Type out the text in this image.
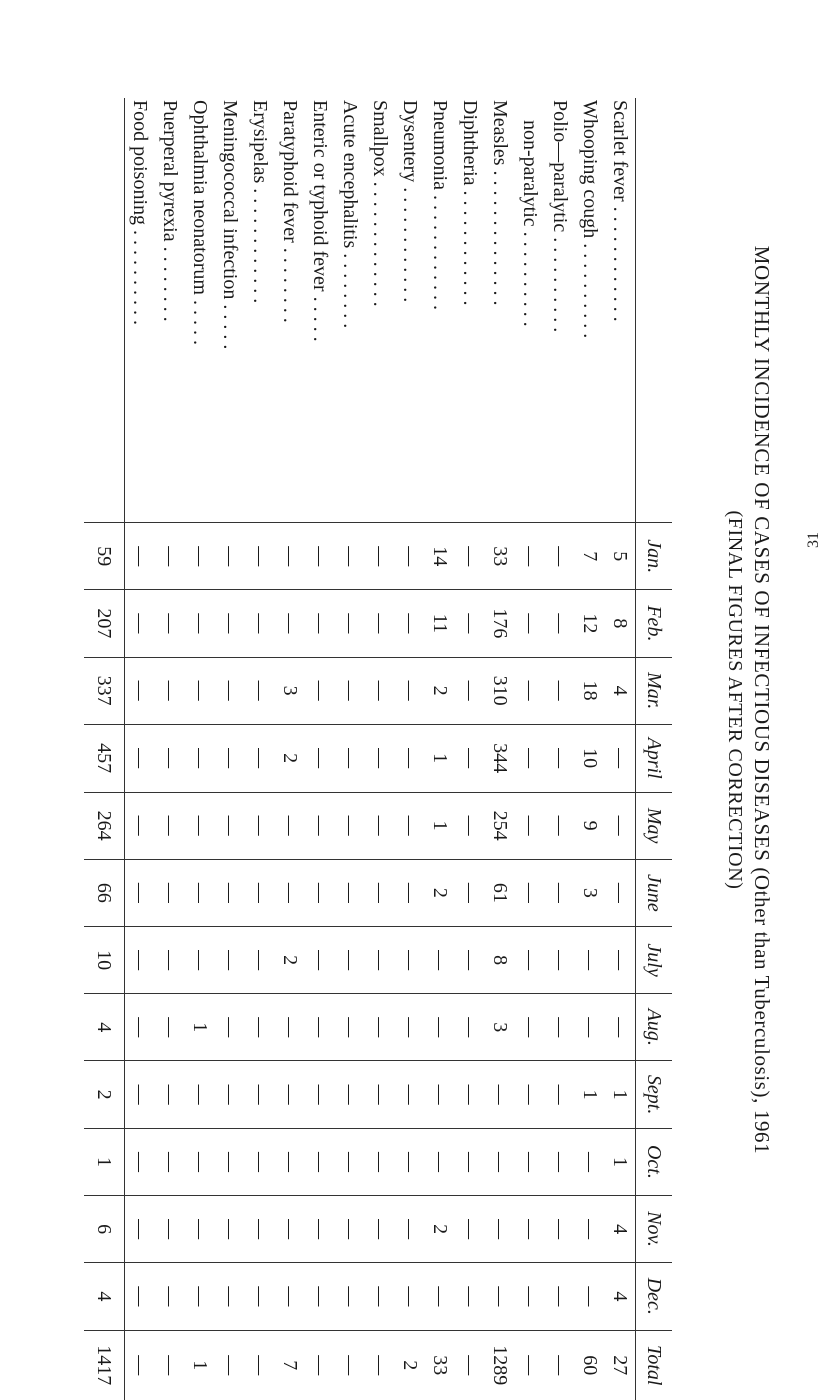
MONTHLY INCIDENCE OF CASES OF INFECTIOUS DISEASES (Other than Tuberculosis), 1961
(FINAL FIGURES AFTER CORRECTION)
	Jan.	Feb.	Mar.	April	May	June	July	Aug.	Sept.	Oct.	Nov.	Dec.	Total
Scarlet fever . . . . . . . . . . . .	5	8	4	—	—	—	—	—	1	1	4	4	27
Whooping cough . . . . . . . . . .	7	12	18	10	9	3	—	—	1	—	—	—	60
Polio—paralytic . . . . . . . . . .	—	—	—	—	—	—	—	—	—	—	—	—	—
non-paralytic . . . . . . . . . .	—	—	—	—	—	—	—	—	—	—	—	—	—
Measles . . . . . . . . . . . . . .	33	176	310	344	254	61	8	3	—	—	—	—	1289
Diphtheria . . . . . . . . . . . .	—	—	—	—	—	—	—	—	—	—	—	—	—
Pneumonia . . . . . . . . . . . .	14	11	2	1	1	2	—	—	—	—	2	—	33
Dysentery . . . . . . . . . . . .	—	—	—	—	—	—	—	—	—	—	—	—	2
Smallpox . . . . . . . . . . . . .	—	—	—	—	—	—	—	—	—	—	—	—	—
Acute encephalitis . . . . . . . .	—	—	—	—	—	—	—	—	—	—	—	—	—
Enteric or typhoid fever . . . . .	—	—	—	—	—	—	—	—	—	—	—	—	—
Paratyphoid fever . . . . . . . .	—	—	3	2	—	—	2	—	—	—	—	—	7
Erysipelas . . . . . . . . . . . .	—	—	—	—	—	—	—	—	—	—	—	—	—
Meningococcal infection . . . . .	—	—	—	—	—	—	—	—	—	—	—	—	—
Ophthalmia neonatorum . . . . .	—	—	—	—	—	—	—	1	—	—	—	—	1
Puerperal pyrexia . . . . . . . .	—	—	—	—	—	—	—	—	—	—	—	—	—
Food poisoning . . . . . . . . . .	—	—	—	—	—	—	—	—	—	—	—	—	—
	59	207	337	457	264	66	10	4	2	1	6	4	1417
31
